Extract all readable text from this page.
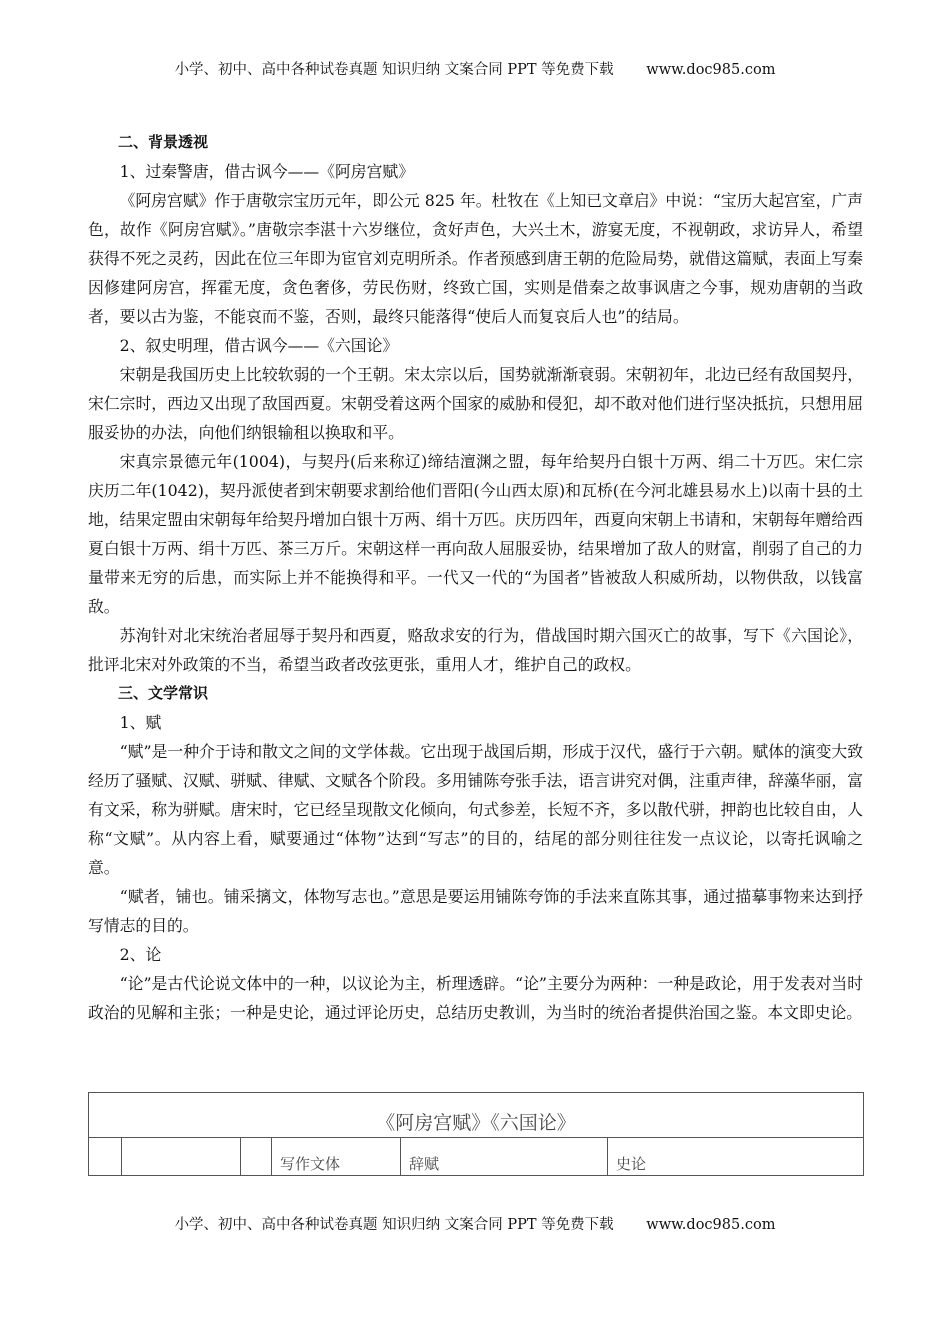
小学、初中、高中各种试卷真题 知识归纳 文案合同 PPT 等免费下载 www.doc985.com

二、背景透视

1、过秦警唐，借古讽今——《阿房宫赋》

《阿房宫赋》作于唐敬宗宝历元年，即公元 825 年。杜牧在《上知已文章启》中说：“宝历大起宫室，广声色，故作《阿房宫赋》。”唐敬宗李湛十六岁继位，贪好声色，大兴土木，游宴无度，不视朝政，求访异人，希望获得不死之灵药，因此在位三年即为宦官刘克明所杀。作者预感到唐王朝的危险局势，就借这篇赋，表面上写秦因修建阿房宫，挥霍无度，贪色奢侈，劳民伤财，终致亡国，实则是借秦之故事讽唐之今事，规劝唐朝的当政者，要以古为鉴，不能哀而不鉴，否则，最终只能落得“使后人而复哀后人也”的结局。

2、叙史明理，借古讽今——《六国论》

宋朝是我国历史上比较软弱的一个王朝。宋太宗以后，国势就渐渐衰弱。宋朝初年，北边已经有敌国契丹，宋仁宗时，西边又出现了敌国西夏。宋朝受着这两个国家的威胁和侵犯，却不敢对他们进行坚决抵抗，只想用屈服妥协的办法，向他们纳银输租以换取和平。

宋真宗景德元年(1004)，与契丹(后来称辽)缔结澶渊之盟，每年给契丹白银十万两、绢二十万匹。宋仁宗庆历二年(1042)，契丹派使者到宋朝要求割给他们晋阳(今山西太原)和瓦桥(在今河北雄县易水上)以南十县的土地，结果定盟由宋朝每年给契丹增加白银十万两、绢十万匹。庆历四年，西夏向宋朝上书请和，宋朝每年赠给西夏白银十万两、绢十万匹、茶三万斤。宋朝这样一再向敌人屈服妥协，结果增加了敌人的财富，削弱了自己的力量带来无穷的后患，而实际上并不能换得和平。一代又一代的“为国者”皆被敌人积威所劫，以物供敌，以钱富敌。

苏洵针对北宋统治者屈辱于契丹和西夏，赂敌求安的行为，借战国时期六国灭亡的故事，写下《六国论》，批评北宋对外政策的不当，希望当政者改弦更张，重用人才，维护自己的政权。

三、文学常识

1、赋

“赋”是一种介于诗和散文之间的文学体裁。它出现于战国后期，形成于汉代，盛行于六朝。赋体的演变大致经历了骚赋、汉赋、骈赋、律赋、文赋各个阶段。多用铺陈夸张手法，语言讲究对偶，注重声律，辞藻华丽，富有文采，称为骈赋。唐宋时，它已经呈现散文化倾向，句式参差，长短不齐，多以散代骈，押韵也比较自由，人称“文赋”。从内容上看，赋要通过“体物”达到“写志”的目的，结尾的部分则往往发一点议论，以寄托讽喻之意。

“赋者，铺也。铺采摛文，体物写志也。”意思是要运用铺陈夸饰的手法来直陈其事，通过描摹事物来达到抒写情志的目的。

2、论

“论”是古代论说文体中的一种，以议论为主，析理透辟。“论”主要分为两种：一种是政论，用于发表对当时政治的见解和主张；一种是史论，通过评论历史，总结历史教训，为当时的统治者提供治国之鉴。本文即史论。

《阿房宫赋》《六国论》
			写作文体	辞赋	史论
小学、初中、高中各种试卷真题 知识归纳 文案合同 PPT 等免费下载 www.doc985.com
